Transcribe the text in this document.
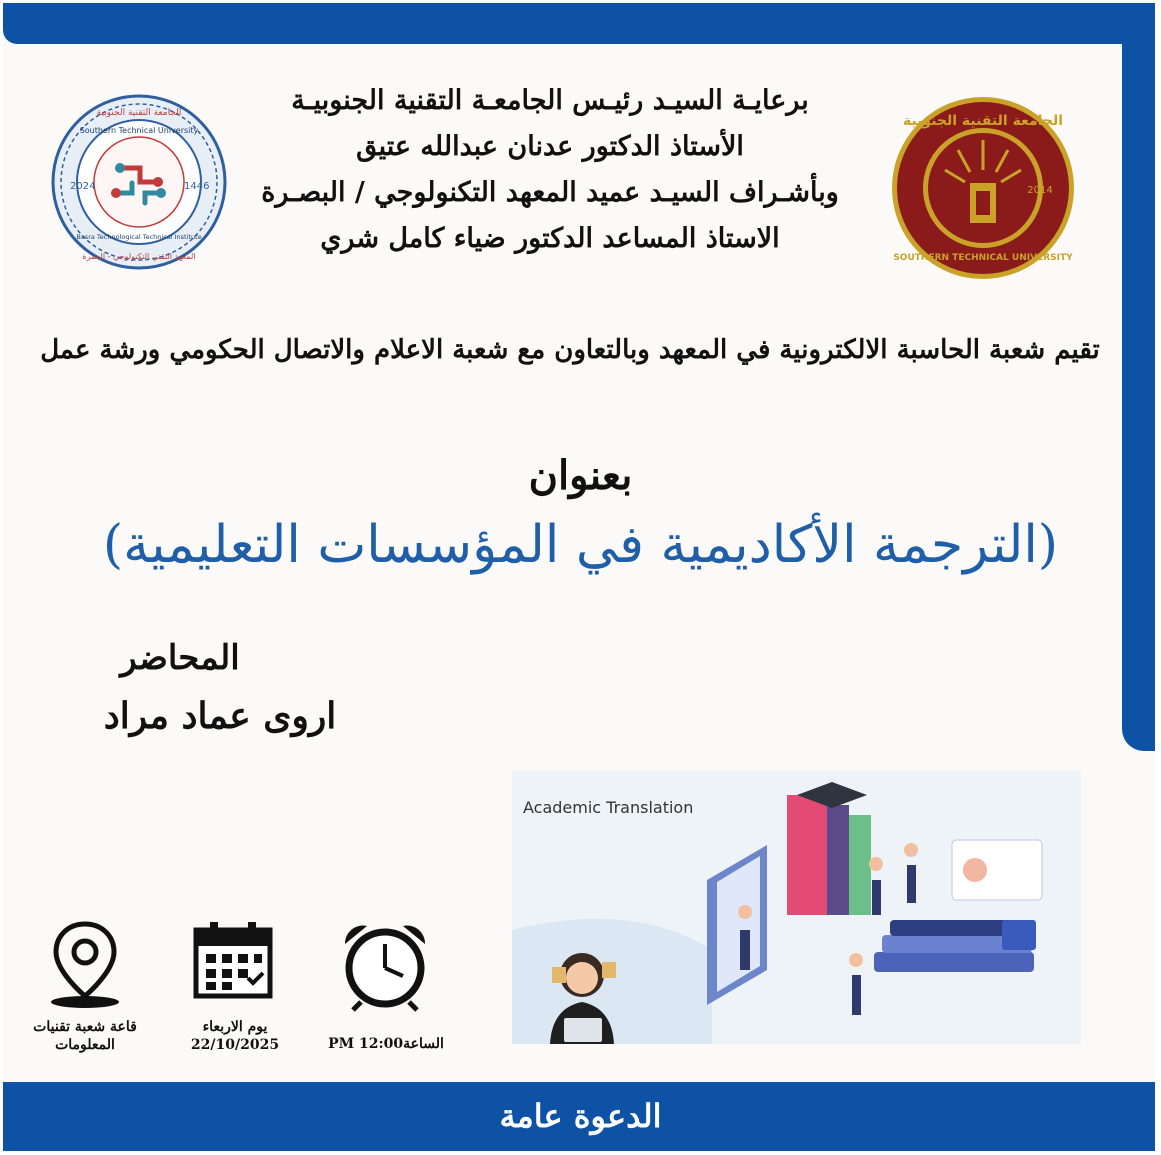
2024	1446
Southern Technical University
Basra Technological Technical Institute
الجامعة التقنية الجنوبية
المعهد التقني التكنولوجي - البصرة
الجامعة التقنية الجنوبية
2014
SOUTHERN TECHNICAL UNIVERSITY
برعايـة السيـد رئيـس الجامعـة التقنية الجنوبيـة
الأستاذ الدكتور عدنان عبدالله عتيق
وبأشـراف السيـد عميد المعهد التكنولوجي / البصـرة
الاستاذ المساعد الدكتور ضياء كامل شري
تقيم شعبة الحاسبة الالكترونية في المعهد وبالتعاون مع شعبة الاعلام والاتصال الحكومي ورشة عمل
بعنوان
(الترجمة الأكاديمية في المؤسسات التعليمية)
المحاضر
اروى عماد مراد
Academic Translation
قاعة شعبة تقنيات
المعلومات
يوم الاربعاء
22/10/2025	الساعة12:00 PM
الدعوة عامة
